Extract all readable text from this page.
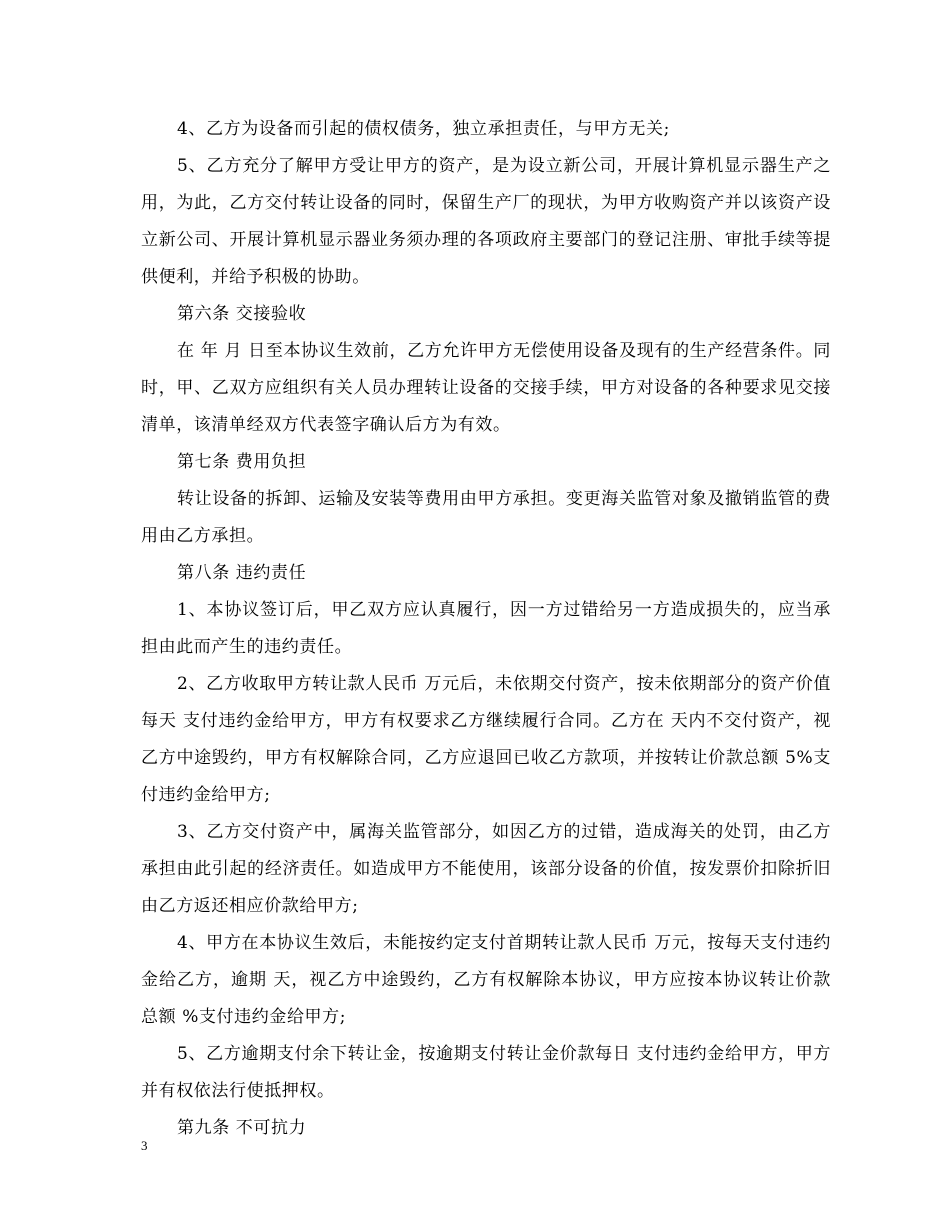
4、乙方为设备而引起的债权债务，独立承担责任，与甲方无关;

5、乙方充分了解甲方受让甲方的资产，是为设立新公司，开展计算机显示器生产之用，为此，乙方交付转让设备的同时，保留生产厂的现状，为甲方收购资产并以该资产设立新公司、开展计算机显示器业务须办理的各项政府主要部门的登记注册、审批手续等提供便利，并给予积极的协助。

第六条 交接验收

在 年 月 日至本协议生效前，乙方允许甲方无偿使用设备及现有的生产经营条件。同时，甲、乙双方应组织有关人员办理转让设备的交接手续，甲方对设备的各种要求见交接清单，该清单经双方代表签字确认后方为有效。

第七条 费用负担

转让设备的拆卸、运输及安装等费用由甲方承担。变更海关监管对象及撤销监管的费用由乙方承担。

第八条 违约责任

1、本协议签订后，甲乙双方应认真履行，因一方过错给另一方造成损失的，应当承担由此而产生的违约责任。

2、乙方收取甲方转让款人民币 万元后，未依期交付资产，按未依期部分的资产价值每天 支付违约金给甲方，甲方有权要求乙方继续履行合同。乙方在 天内不交付资产，视乙方中途毁约，甲方有权解除合同，乙方应退回已收乙方款项，并按转让价款总额 5%支付违约金给甲方;

3、乙方交付资产中，属海关监管部分，如因乙方的过错，造成海关的处罚，由乙方承担由此引起的经济责任。如造成甲方不能使用，该部分设备的价值，按发票价扣除折旧由乙方返还相应价款给甲方;

4、甲方在本协议生效后，未能按约定支付首期转让款人民币 万元，按每天支付违约金给乙方，逾期 天，视乙方中途毁约，乙方有权解除本协议，甲方应按本协议转让价款总额 %支付违约金给甲方;

5、乙方逾期支付余下转让金，按逾期支付转让金价款每日 支付违约金给甲方，甲方并有权依法行使抵押权。

第九条 不可抗力

3
